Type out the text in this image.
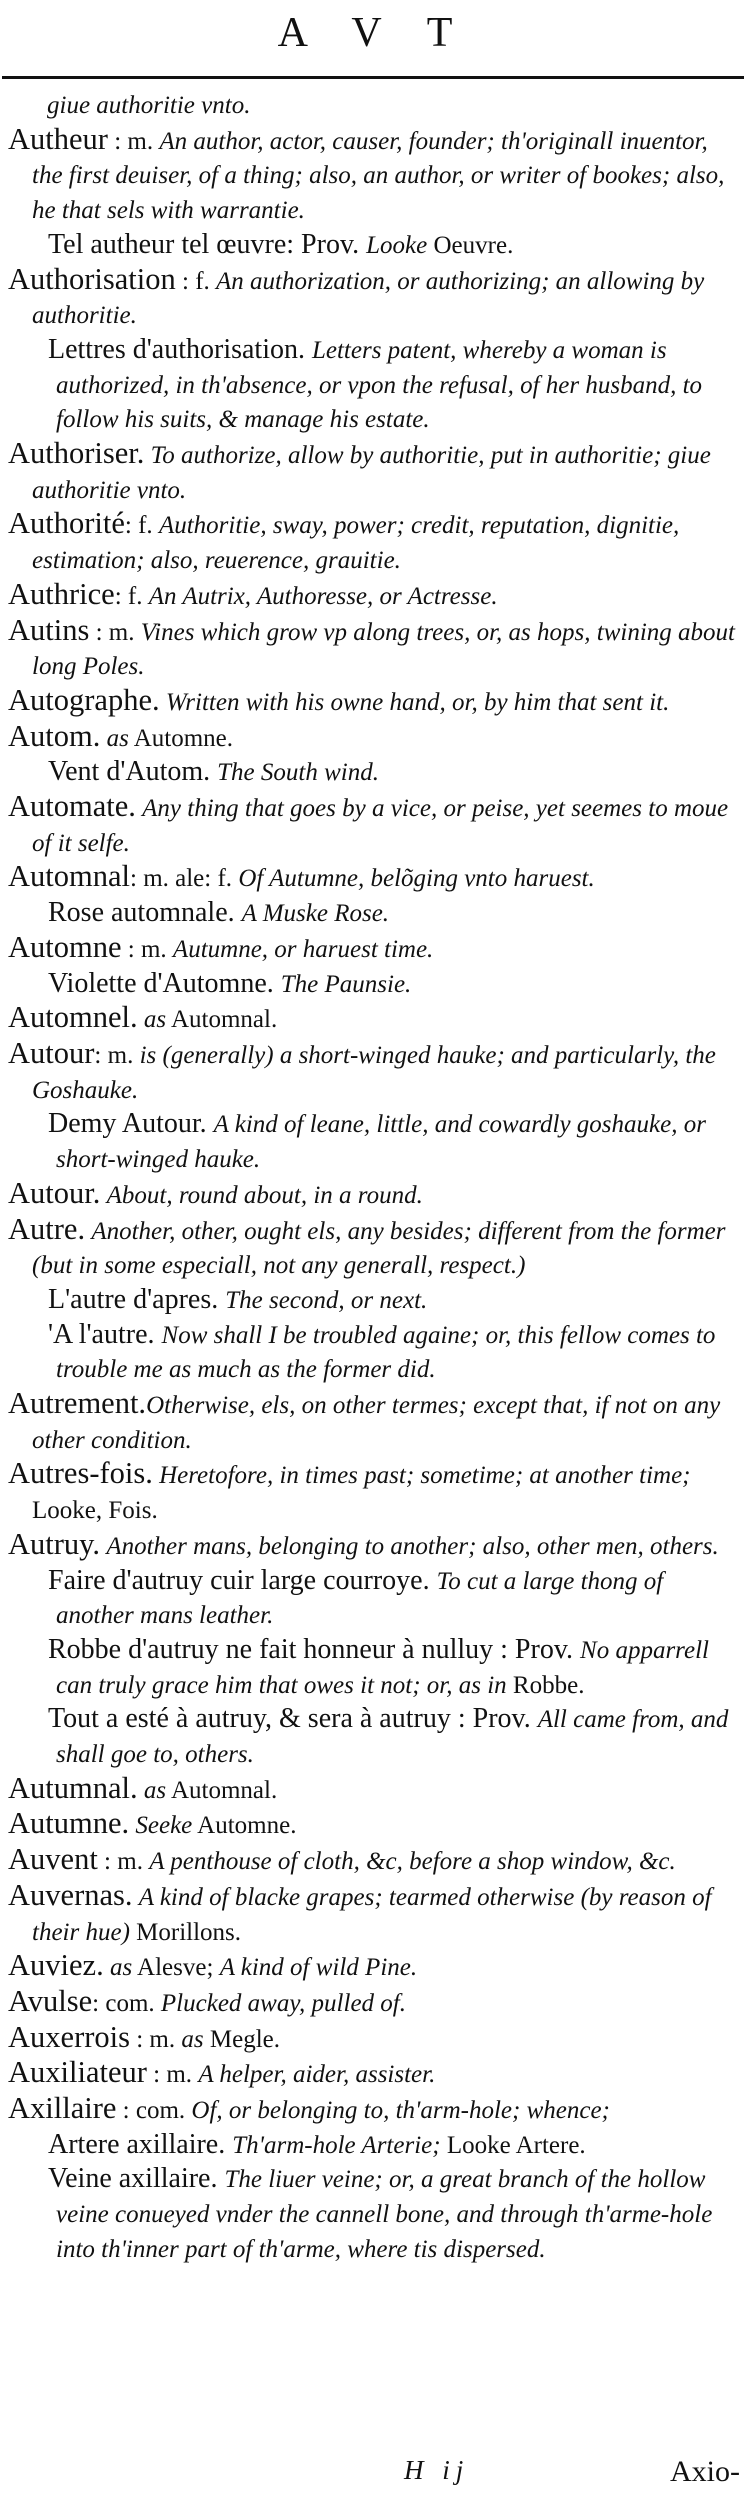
A V T

giue authoritie vnto.

Autheur : m. An author, actor, causer, founder; th'originall inuentor, the first deuiser, of a thing; also, an author, or writer of bookes; also, he that sels with warrantie.

Tel autheur tel œuvre: Prov. Looke Oeuvre.

Authorisation : f. An authorization, or authorizing; an allowing by authoritie.

Lettres d'authorisation. Letters patent, whereby a woman is authorized, in th'absence, or vpon the refusal, of her husband, to follow his suits, & manage his estate.

Authoriser. To authorize, allow by authoritie, put in authoritie; giue authoritie vnto.

Authorité: f. Authoritie, sway, power; credit, reputation, dignitie, estimation; also, reuerence, grauitie.

Authrice: f. An Autrix, Authoresse, or Actresse.

Autins : m. Vines which grow vp along trees, or, as hops, twining about long Poles.

Autographe. Written with his owne hand, or, by him that sent it.

Autom. as Automne.

Vent d'Autom. The South wind.

Automate. Any thing that goes by a vice, or peise, yet seemes to moue of it selfe.

Automnal: m. ale: f. Of Autumne, belõging vnto haruest.

Rose automnale. A Muske Rose.

Automne : m. Autumne, or haruest time.

Violette d'Automne. The Paunsie.

Automnel. as Automnal.

Autour: m. is (generally) a short-winged hauke; and particularly, the Goshauke.

Demy Autour. A kind of leane, little, and cowardly goshauke, or short-winged hauke.

Autour. About, round about, in a round.

Autre. Another, other, ought els, any besides; different from the former (but in some especiall, not any generall, respect.)

L'autre d'apres. The second, or next.

'A l'autre. Now shall I be troubled againe; or, this fellow comes to trouble me as much as the former did.

Autrement.Otherwise, els, on other termes; except that, if not on any other condition.

Autres-fois. Heretofore, in times past; sometime; at another time; Looke, Fois.

Autruy. Another mans, belonging to another; also, other men, others.

Faire d'autruy cuir large courroye. To cut a large thong of another mans leather.

Robbe d'autruy ne fait honneur à nulluy : Prov. No apparrell can truly grace him that owes it not; or, as in Robbe.

Tout a esté à autruy, & sera à autruy : Prov. All came from, and shall goe to, others.

Autumnal. as Automnal.

Autumne. Seeke Automne.

Auvent : m. A penthouse of cloth, &c, before a shop window, &c.

Auvernas. A kind of blacke grapes; tearmed otherwise (by reason of their hue) Morillons.

Auviez. as Alesve; A kind of wild Pine.

Avulse: com. Plucked away, pulled of.

Auxerrois : m. as Megle.

Auxiliateur : m. A helper, aider, assister.

Axillaire : com. Of, or belonging to, th'arm-hole; whence;

Artere axillaire. Th'arm-hole Arterie; Looke Artere.

Veine axillaire. The liuer veine; or, a great branch of the hollow veine conueyed vnder the cannell bone, and through th'arme-hole into th'inner part of th'arme, where tis dispersed.

H ij	Axio-
